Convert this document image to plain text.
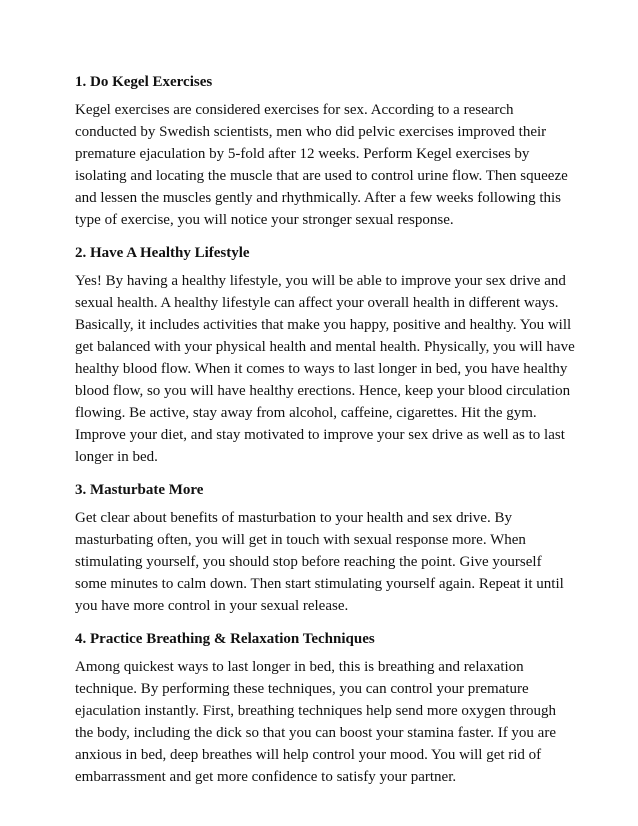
1. Do Kegel Exercises

Kegel exercises are considered exercises for sex. According to a research
conducted by Swedish scientists, men who did pelvic exercises improved their
premature ejaculation by 5-fold after 12 weeks. Perform Kegel exercises by
isolating and locating the muscle that are used to control urine flow. Then squeeze
and lessen the muscles gently and rhythmically. After a few weeks following this
type of exercise, you will notice your stronger sexual response.

2. Have A Healthy Lifestyle

Yes! By having a healthy lifestyle, you will be able to improve your sex drive and
sexual health. A healthy lifestyle can affect your overall health in different ways.
Basically, it includes activities that make you happy, positive and healthy. You will
get balanced with your physical health and mental health. Physically, you will have
healthy blood flow. When it comes to ways to last longer in bed, you have healthy
blood flow, so you will have healthy erections. Hence, keep your blood circulation
flowing. Be active, stay away from alcohol, caffeine, cigarettes. Hit the gym.
Improve your diet, and stay motivated to improve your sex drive as well as to last
longer in bed.

3. Masturbate More

Get clear about benefits of masturbation to your health and sex drive. By
masturbating often, you will get in touch with sexual response more. When
stimulating yourself, you should stop before reaching the point. Give yourself
some minutes to calm down. Then start stimulating yourself again. Repeat it until
you have more control in your sexual release.

4. Practice Breathing & Relaxation Techniques

Among quickest ways to last longer in bed, this is breathing and relaxation
technique. By performing these techniques, you can control your premature
ejaculation instantly. First, breathing techniques help send more oxygen through
the body, including the dick so that you can boost your stamina faster. If you are
anxious in bed, deep breathes will help control your mood. You will get rid of
embarrassment and get more confidence to satisfy your partner.
